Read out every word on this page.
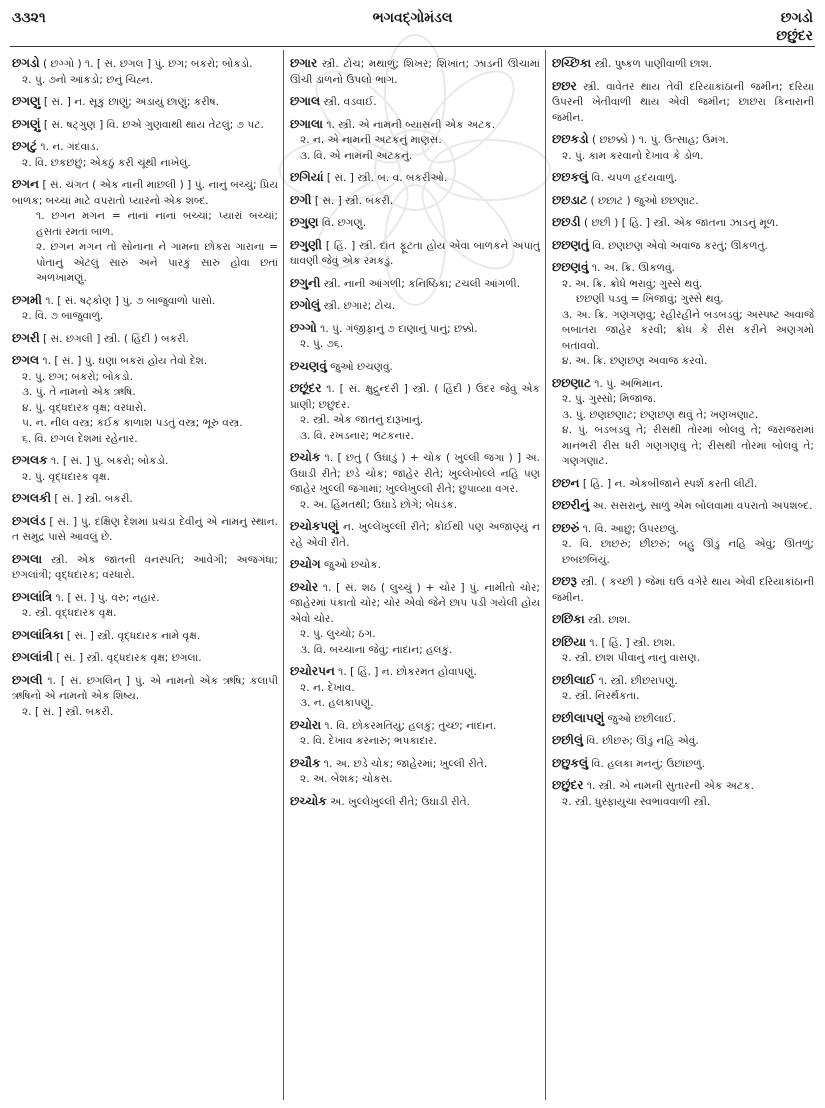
૩૩૨૧	ભગવદ્ગોમંડલ	છગડો
છછુંદર

છગડો ( છગ્ગો ) ૧. [ સં. છગલ ] પું. છગ; બકરો; બોકડો.

૨. પું. ૭નો આંકડો; છનું ચિહ્ન.

છગણુ [ સં. ] ન. સૂકું છાણું; અડાયું છાણું; કરીષ.

છગણું [ સં. ષટ્ગુણ ] વિ. છએ ગુણવાથી થાય તેટલું; ૭ પટ.

છગટું ૧. ન. ગંદવાડ.

૨. વિ. છકછંછું; એકઠું કરી ચૂંથી નાખેલું.

છગન [ સં. ચંગત ( એક નાની માછલી ) ] પું. નાનું બચ્ચું; પ્રિય બાળક; બચ્ચાં માટે વપરાતો પ્યારનો એક શબ્દ.

૧. છગન મગન = નાનાં નાનાં બચ્ચાં; પ્યારાં બચ્ચાં; હસતાં રમતાં બાળ.

૨. છગન મગન તો સોનાના ને ગામના છોકરા ગારાના = પોતાનું એટલું સારું અને પારકું સારું હોવા છતાં અળખામણું.

છગમી ૧. [ સં. ષટ્કોણ ] પું. ૭ બાજુવાળો પાસો.

૨. વિ. ૭ બાજુવાળું.

છગરી [ સં. છગલી ] સ્ત્રી. ( હિંદી ) બકરી.

છગલ ૧. [ સં. ] પું. ઘણાં બકરાં હોય તેવો દેશ.

૨. પું. છગ; બકરો; બોકડો.

૩. પું. તે નામનો એક ઋષિ.

૪. પું. વૃદ્ધદારક વૃક્ષ; વરધારો.

૫. ન. નીલ વસ્ત્ર; કંઈક કાળાશ પડતું વસ્ત્ર; ભૂરું વસ્ત્ર.

૬. વિ. છગલ દેશમાં રહેનાર.

છગલક ૧. [ સં. ] પું. બકરો; બોકડો.

૨. પું. વૃદ્ધદારક વૃક્ષ.

છગલકી [ સં. ] સ્ત્રી. બકરી.

છગલંડ [ સં. ] પું. દક્ષિણ દેશમાં પ્રચંડા દેવીનું એ નામનું સ્થાન. ત સમુદ્ર પાસે આવલું છે.

છગલા સ્ત્રી. એક જાતની વનસ્પતિ; આવેગી; અજગંધા; છગલાંત્રી; વૃદ્ધદારક; વરધારો.

છગલાંત્રિ ૧. [ સં. ] પું. વરુ; નહાર.

૨. સ્ત્રી. વૃદ્ધદારક વૃક્ષ.

છગલાંત્રિકા [ સં. ] સ્ત્રી. વૃદ્ધદારક નામે વૃક્ષ.

છગલાંત્રી [ સં. ] સ્ત્રી. વૃદ્ધદારક વૃક્ષ; છગલા.

છગલી ૧. [ સં. છગલિન્ ] પું. એ નામનો એક ઋષિ; કલાપી ઋષિનો એ નામનો એક શિષ્ય.

૨. [ સં. ] સ્ત્રી. બકરી.

છગાર સ્ત્રી. ટોચ; મથાળું; શિખર; શિખાંત; ઝાડની ઊંચામાં ઊંચી ડાળનો ઉપલો ભાગ.

છગાલ સ્ત્રી. વડવાઈ.

છગાલા ૧. સ્ત્રી. એ નામની બ્યાસની એક અટક.

૨. ન. એ નામની અટકનું માણસ.

૩. વિ. એ નામની અટકનું.

છગિયાં [ સં. ] સ્ત્રી. બ. વ. બકરીઓ.

છગી [ સં. ] સ્ત્રી. બકરી.

છગુણ વિ. છગણું.

છગુણી [ હિં. ] સ્ત્રી. દાંત ફૂટતા હોય એવા બાળકને અપાતું ઘાવણી જેવું એક રમકડું.

છગુની સ્ત્રી. નાની આંગળી; કનિષ્ઠિકા; ટચલી આંગળી.

છગોલું સ્ત્રી. છગાર; ટોચ.

છગ્ગો ૧. પું. ગંજીફાનું ૭ દાણાનું પાનું; છક્કો.

૨. પું. ૭૬.

છચણવું જુઓ છચણવું.

છછૂંદર ૧. [ સં. ક્ષુદ્રુન્દરી ] સ્ત્રી. ( હિંદી ) ઉંદર જેવું એક પ્રાણી; છછુંદર.

૨. સ્ત્રી. એક જાતનું દારૂખાનું.

૩. વિ. રખડનાર; ભટકનાર.

છચોક ૧. [ છતું ( ઉઘાડું ) + ચોક ( ખુલ્લી જગા ) ] અ. ઉઘાડી રીતે; છડે ચોક; જાહેર રીતે; ખુલ્લેખોલ્લે નહિ પણ જાહેર ખુલ્લી જગામાં; ખુલ્લેખુલ્લી રીતે; છુપાવ્યા વગર.

૨. અ. હિંમતથી; ઉઘાડે છોગે; બેધડક.

છચોકપણું ન. ખુલ્લેખુલ્લી રીતે; કોઈથી પણ અજાણ્યું ન રહે એવી રીતે.

છચોગ જુઓ છચોક.

છચોર ૧. [ સં. શઠ ( લુચ્ચું ) + ચોર ] પું. નામીતો ચોર; જાહેરમાં પંકાતો ચોર; ચોર એવો જેને છાપ પડી ગયેલી હોય એવો ચોર.

૨. પું. લુચ્ચો; ઠગ.

૩. વિ. બચ્ચાના જેવું; નાદાન; હલકું.

છચોરપન ૧. [ હિં. ] ન. છોકરમત હોવાપણું.

૨. ન. દેખાવ.

૩. ન. હલકાપણું.

છચોરા ૧. વિ. છોકરમતિયું; હલકું; તુચ્છ; નાદાન.

૨. વિ. દેખાવ કરનારું; ભપકાદાર.

છચૌક ૧. અ. છડે ચોક; જાહેરમાં; ખુલ્લી રીતે.

૨. અ. બેશક; ચોકસ.

છચ્ચોક અ. ખુલ્લેખુલ્લી રીતે; ઉઘાડી રીતે.

છચ્છિકા સ્ત્રી. પુષ્કળ પાણીવાળી છાશ.

છછર સ્ત્રી. વાવેતર થાય તેવી દરિયાકાંઠાની જમીન; દરિયા ઉપરની ખેતીવાળી થાય એવી જમીન; છાછરા કિનારાની જમીન.

છછકડો ( છછક્કો ) ૧. પું. ઉત્સાહ; ઉમંગ.

૨. પું. કામ કરવાનો દેખાવ કે ડોળ.

છછકલું વિ. ચપળ હૃદયવાળું.

છછડાટ ( છછાટ ) જુઓ છછણાટ.

છછડી ( છછી ) [ હિં. ] સ્ત્રી. એક જાતના ઝાડનું મૂળ.

છછણતું વિ. છણછણ એવો અવાજ કરતું; ઊકળતું.

છછણવું ૧. અ. ક્રિ. ઊકળવું.

૨. અ. ક્રિ. ક્રોધે ભરાવું; ગુસ્સે થવું.

છછણી પડવું = ખિજાવું; ગુસ્સે થવું.

૩. અ. ક્રિ. ગણગણવું; રહીરહીને બડબડવું; અસ્પષ્ટ અવાજે બબાતરા જાહેર કરવી; ક્રોધ કે રીસ કરીને અણગમો બતાવવો.

૪. અ. ક્રિ. છણછણ અવાજ કરવો.

છછણાટ ૧. પું. અભિમાન.

૨. પું. ગુસ્સો; મિજાજ.

૩. પું. છણછણાટ; છણછણ થવું તે; ખણખણાટ.

૪. પું. બડબડવું તે; રીસથી તોરમાં બોલવું તે; જરાજરામાં માનભરી રીસ ધરી ગણગણવું તે; રીસથી તોરમાં બોલવું તે; ગણગણાટ.

છછન [ હિં. ] ન. એકબીજાને સ્પર્શ કરતી લીટી.

છછરીનું અ. સસરાનું, સાળું એમ બોલવામાં વપરાતો અપશબ્દ.

છછરું ૧. વિ. આછું; ઉપરછલું.

૨. વિ. છાછરું; છીછરું; બહુ ઊંડું નહિ એવું; ઊતળું; છબછબિયું.

છછરૂ સ્ત્રી. ( કચ્છી ) જેમાં ઘઉં વગેરે થાય એવી દરિયાકાંઠાની જમીન.

છછિકા સ્ત્રી. છાશ.

છછિયા ૧. [ હિં. ] સ્ત્રી. છાશ.

૨. સ્ત્રી. છાશ પીવાનું નાનું વાસણ.

છછીલાઈ ૧. સ્ત્રી. છીછરાપણું.

૨. સ્ત્રી. નિરર્થકતા.

છછીલાપણું જુઓ છછીલાઈ.

છછીલું વિ. છીછરું; ઊંડું નહિ એવું.

છછુકલું વિ. હલકા મનનું; ઉછાંછળું.

છછુંદર ૧. સ્ત્રી. એ નામની સુતારની એક અટક.

૨. સ્ત્રી. ધુસ્ફાયુચા સ્વભાવવાળી સ્ત્રી.
